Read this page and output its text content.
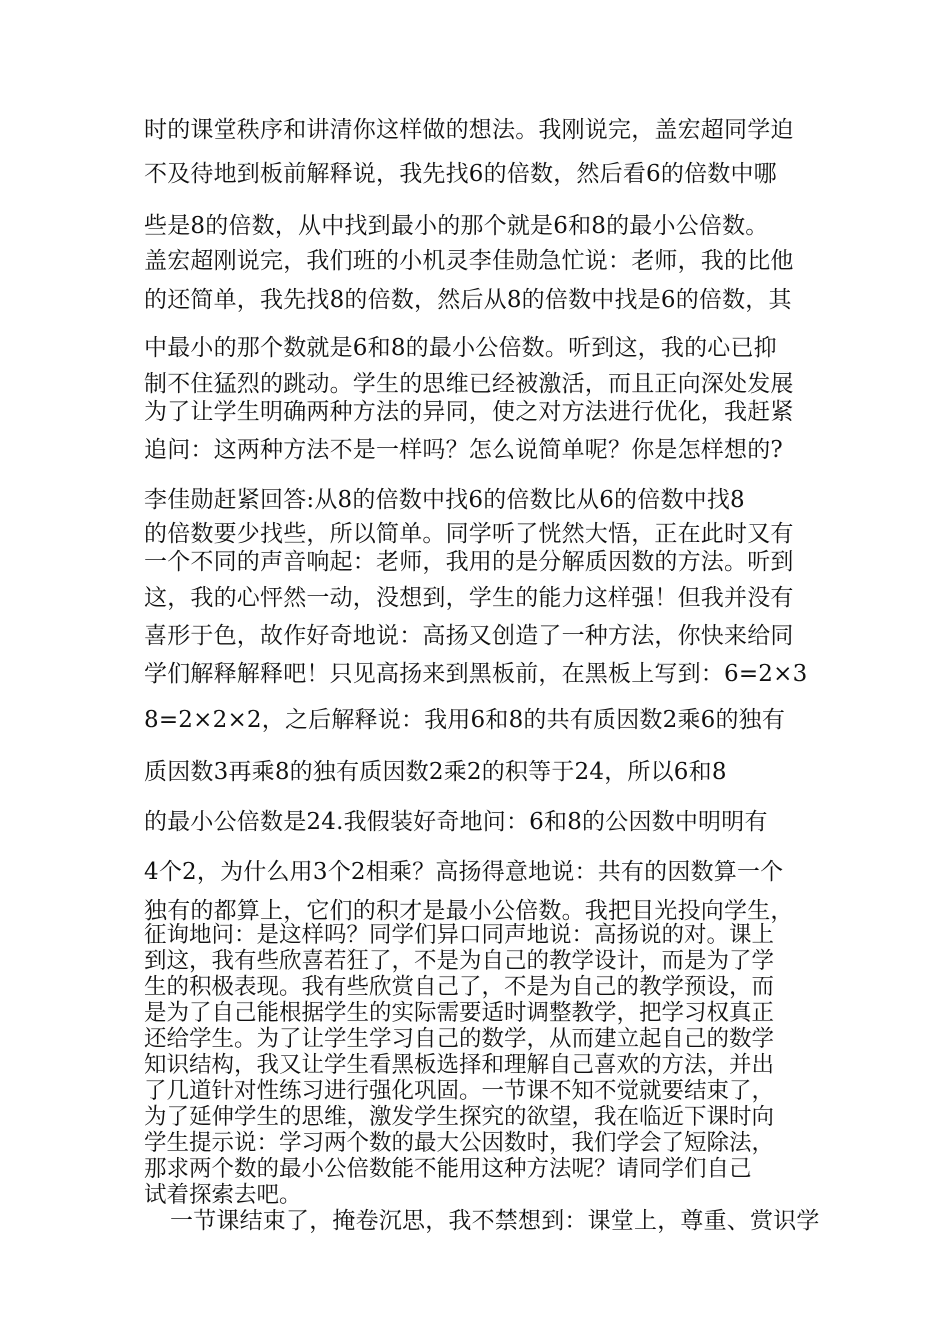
时的课堂秩序和讲清你这样做的想法。我刚说完，盖宏超同学迫
不及待地到板前解释说，我先找6的倍数，然后看6的倍数中哪
些是8的倍数，从中找到最小的那个就是6和8的最小公倍数。
盖宏超刚说完，我们班的小机灵李佳勋急忙说：老师，我的比他
的还简单，我先找8的倍数，然后从8的倍数中找是6的倍数，其
中最小的那个数就是6和8的最小公倍数。听到这，我的心已抑
制不住猛烈的跳动。学生的思维已经被激活，而且正向深处发展
为了让学生明确两种方法的异同，使之对方法进行优化，我赶紧
追问：这两种方法不是一样吗？怎么说简单呢？你是怎样想的?
李佳勋赶紧回答:从8的倍数中找6的倍数比从6的倍数中找8
的倍数要少找些，所以简单。同学听了恍然大悟，正在此时又有
一个不同的声音响起：老师，我用的是分解质因数的方法。听到
这，我的心怦然一动，没想到，学生的能力这样强！但我并没有
喜形于色，故作好奇地说：高扬又创造了一种方法，你快来给同
学们解释解释吧！只见高扬来到黑板前，在黑板上写到：6=2×3
8=2×2×2，之后解释说：我用6和8的共有质因数2乘6的独有
质因数3再乘8的独有质因数2乘2的积等于24，所以6和8
的最小公倍数是24.我假装好奇地问：6和8的公因数中明明有
4个2，为什么用3个2相乘？高扬得意地说：共有的因数算一个
独有的都算上，它们的积才是最小公倍数。我把目光投向学生，
征询地问：是这样吗？同学们异口同声地说：高扬说的对。课上
到这，我有些欣喜若狂了，不是为自己的教学设计，而是为了学
生的积极表现。我有些欣赏自己了，不是为自己的教学预设，而
是为了自己能根据学生的实际需要适时调整教学，把学习权真正
还给学生。为了让学生学习自己的数学，从而建立起自己的数学
知识结构，我又让学生看黑板选择和理解自己喜欢的方法，并出
了几道针对性练习进行强化巩固。一节课不知不觉就要结束了，
为了延伸学生的思维，激发学生探究的欲望，我在临近下课时向
学生提示说：学习两个数的最大公因数时，我们学会了短除法，
那求两个数的最小公倍数能不能用这种方法呢？请同学们自己
试着探索去吧。
一节课结束了，掩卷沉思，我不禁想到：课堂上，尊重、赏识学
